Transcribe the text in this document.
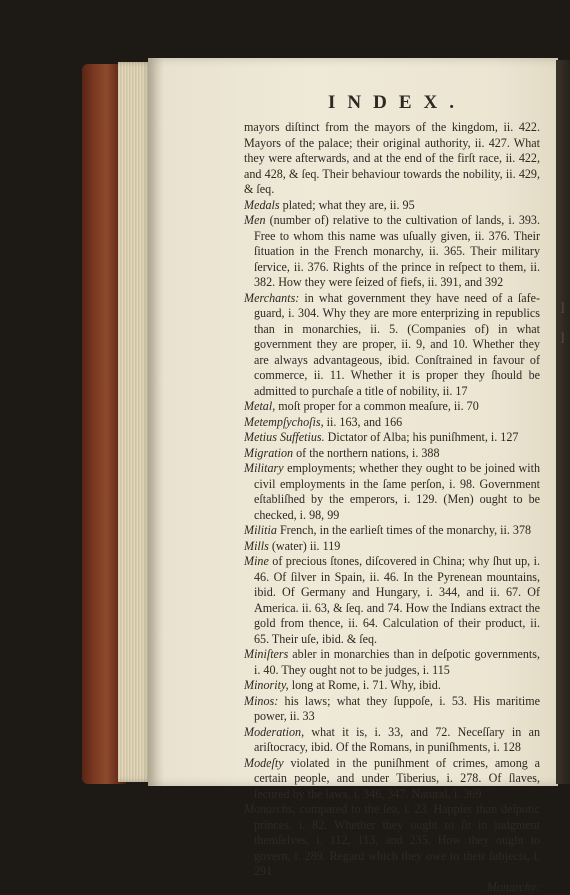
]
]
INDEX.

mayors diſtinct from the mayors of the kingdom, ii. 422. Mayors of the palace; their original authority, ii. 427. What they were afterwards, and at the end of the firſt race, ii. 422, and 428, & ſeq. Their behaviour towards the nobility, ii. 429, & ſeq.

Medals plated; what they are, ii. 95

Men (number of) relative to the cultivation of lands, i. 393. Free to whom this name was uſually given, ii. 376. Their ſituation in the French monarchy, ii. 365. Their military ſervice, ii. 376. Rights of the prince in reſpect to them, ii. 382. How they were ſeized of fiefs, ii. 391, and 392

Merchants: in what government they have need of a ſafe-guard, i. 304. Why they are more enterprizing in republics than in monarchies, ii. 5. (Companies of) in what government they are proper, ii. 9, and 10. Whether they are always advantageous, ibid. Conſtrained in favour of commerce, ii. 11. Whether it is proper they ſhould be admitted to purchaſe a title of nobility, ii. 17

Metal, moſt proper for a common meaſure, ii. 70

Metempſychoſis, ii. 163, and 166

Metius Suffetius. Dictator of Alba; his puniſhment, i. 127

Migration of the northern nations, i. 388

Military employments; whether they ought to be joined with civil employments in the ſame perſon, i. 98. Government eſtabliſhed by the emperors, i. 129. (Men) ought to be checked, i. 98, 99

Militia French, in the earlieſt times of the monarchy, ii. 378

Mills (water) ii. 119

Mine of precious ſtones, diſcovered in China; why ſhut up, i. 46. Of ſilver in Spain, ii. 46. In the Pyrenean mountains, ibid. Of Germany and Hungary, i. 344, and ii. 67. Of America. ii. 63, & ſeq. and 74. How the Indians extract the gold from thence, ii. 64. Calculation of their product, ii. 65. Their uſe, ibid. & ſeq.

Miniſters abler in monarchies than in deſpotic governments, i. 40. They ought not to be judges, i. 115

Minority, long at Rome, i. 71. Why, ibid.

Minos: his laws; what they ſuppoſe, i. 53. His maritime power, ii. 33

Moderation, what it is, i. 33, and 72. Neceſſary in an ariſtocracy, ibid. Of the Romans, in puniſhments, i. 128

Modeſty violated in the puniſhment of crimes, among a certain people, and under Tiberius, i. 278. Of ſlaves, ſecured by the laws, i. 346, 347. Natural, i. 369

Monarchs, compared to the ſea, i. 23. Happier than deſpotic princes, i. 82. Whether they ought to ſit in judgment themſelves, i. 112, 113, and 235. How they ought to govern, i. 289. Regard which they owe to their ſubjects, i. 291

Monarchy:
